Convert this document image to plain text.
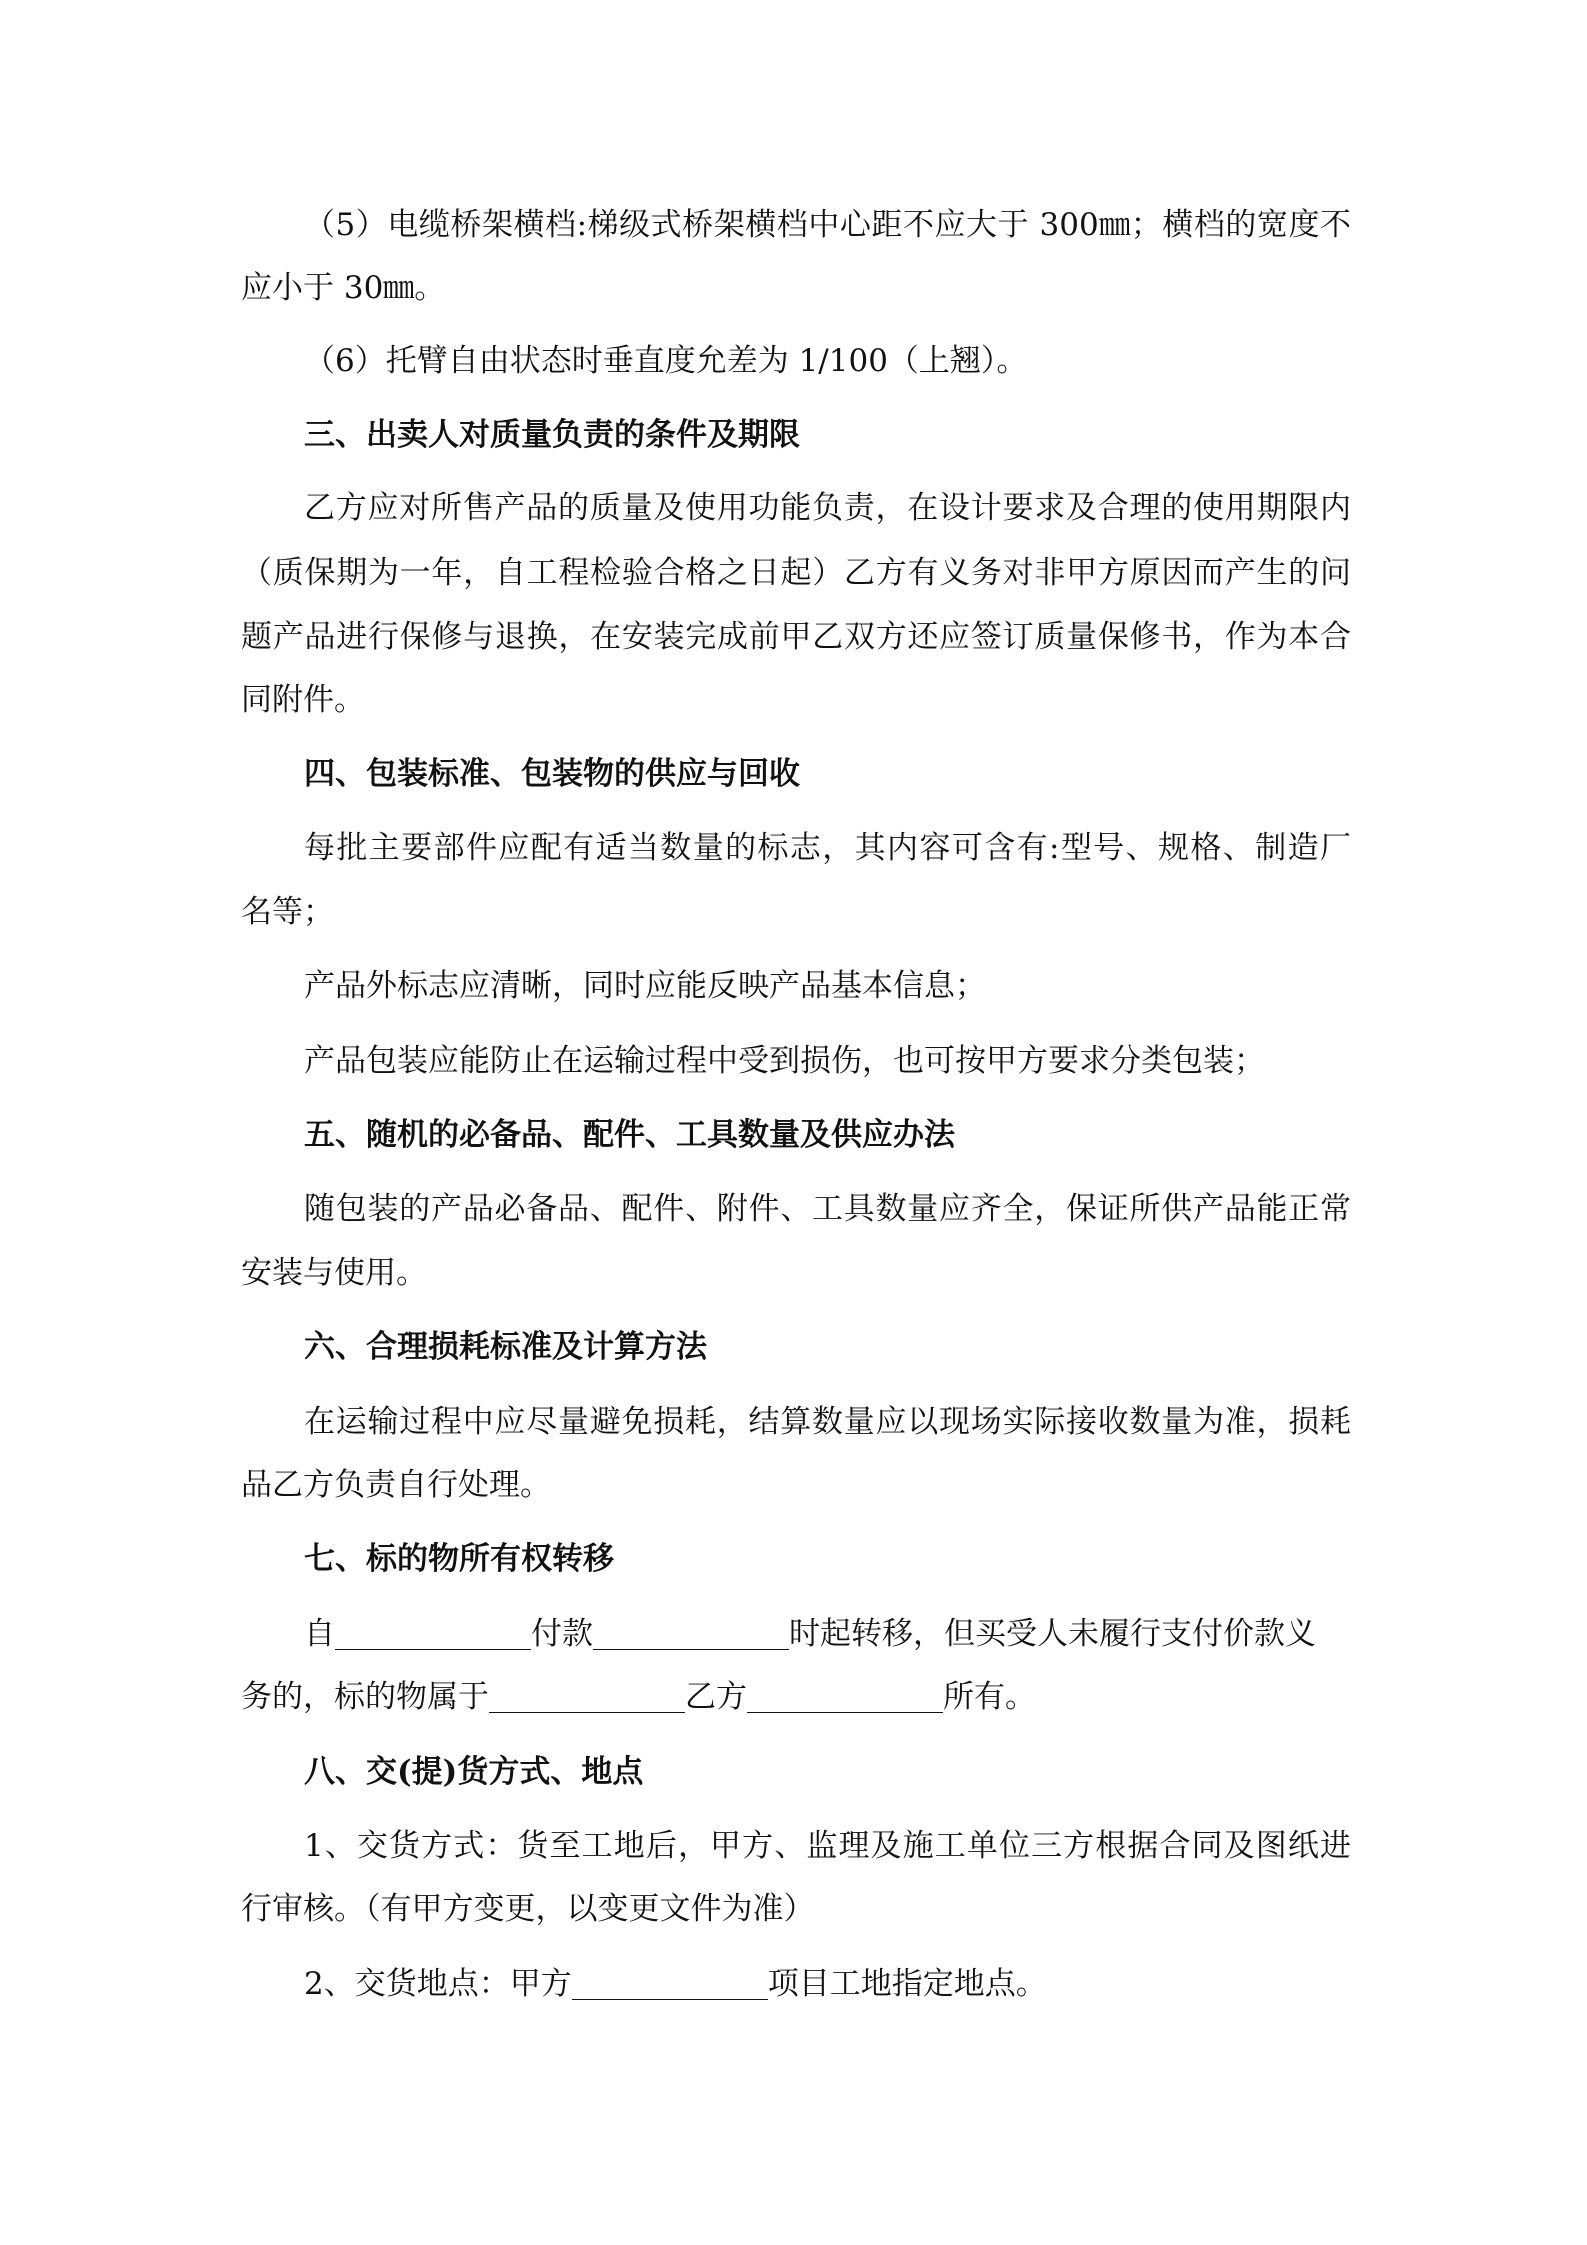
（5）电缆桥架横档:梯级式桥架横档中心距不应大于 300㎜；横档的宽度不
应小于 30㎜。
（6）托臂自由状态时垂直度允差为 1/100（上翘）。
三、出卖人对质量负责的条件及期限
乙方应对所售产品的质量及使用功能负责，在设计要求及合理的使用期限内
（质保期为一年，自工程检验合格之日起）乙方有义务对非甲方原因而产生的问
题产品进行保修与退换，在安装完成前甲乙双方还应签订质量保修书，作为本合
同附件。
四、包装标准、包装物的供应与回收
每批主要部件应配有适当数量的标志，其内容可含有:型号、规格、制造厂
名等；
产品外标志应清晰，同时应能反映产品基本信息；
产品包装应能防止在运输过程中受到损伤，也可按甲方要求分类包装；
五、随机的必备品、配件、工具数量及供应办法
随包装的产品必备品、配件、附件、工具数量应齐全，保证所供产品能正常
安装与使用。
六、合理损耗标准及计算方法
在运输过程中应尽量避免损耗，结算数量应以现场实际接收数量为准，损耗
品乙方负责自行处理。
七、标的物所有权转移
自	付款	时起转移，但买受人未履行支付价款义
务的，标的物属于	乙方	所有。
八、交(提)货方式、地点
1、交货方式：货至工地后，甲方、监理及施工单位三方根据合同及图纸进
行审核。（有甲方变更，以变更文件为准）
2、交货地点：甲方	项目工地指定地点。
